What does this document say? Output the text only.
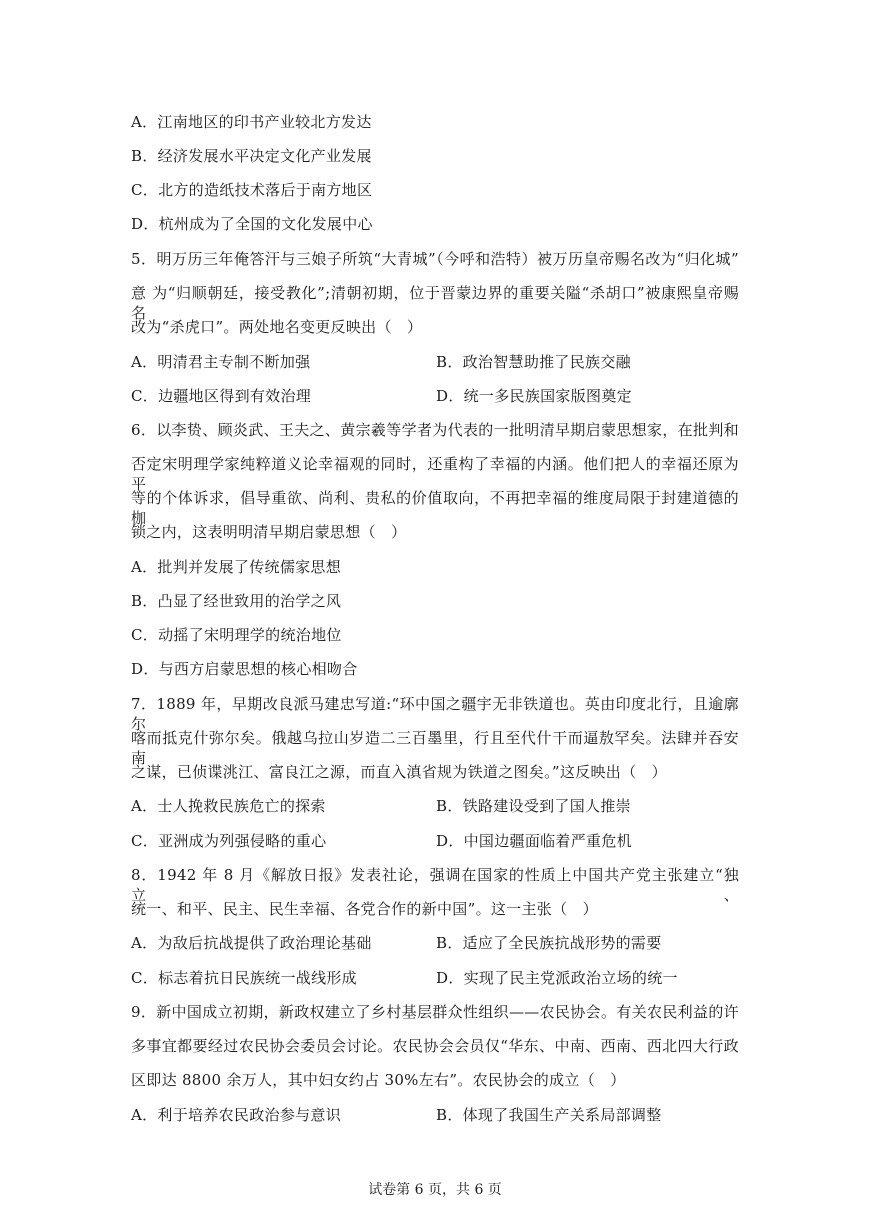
A．江南地区的印书产业较北方发达
B．经济发展水平决定文化产业发展
C．北方的造纸技术落后于南方地区
D．杭州成为了全国的文化发展中心
5．明万历三年俺答汗与三娘子所筑“大青城”（今呼和浩特）被万历皇帝赐名改为“归化城”
意 为“归顺朝廷，接受教化”;清朝初期，位于晋蒙边界的重要关隘“杀胡口”被康熙皇帝赐名
改为“杀虎口”。两处地名变更反映出（　）
A．明清君主专制不断加强	B．政治智慧助推了民族交融
C．边疆地区得到有效治理	D．统一多民族国家版图奠定
6．以李贽、顾炎武、王夫之、黄宗羲等学者为代表的一批明清早期启蒙思想家，在批判和
否定宋明理学家纯粹道义论幸福观的同时，还重构了幸福的内涵。他们把人的幸福还原为平
等的个体诉求，倡导重欲、尚利、贵私的价值取向，不再把幸福的维度局限于封建道德的枷
锁之内，这表明明清早期启蒙思想（　）
A．批判并发展了传统儒家思想
B．凸显了经世致用的治学之风
C．动摇了宋明理学的统治地位
D．与西方启蒙思想的核心相吻合
7．1889 年，早期改良派马建忠写道:“环中国之疆宇无非铁道也。英由印度北行，且逾廓尔
喀而抵克什弥尔矣。俄越乌拉山岁造二三百墨里，行且至代什干而逼敖罕矣。法肆并吞安南
之谋，已侦谍洮江、富良江之源，而直入滇省规为铁道之图矣。”这反映出（　）
A．士人挽救民族危亡的探索	B．铁路建设受到了国人推崇
C．亚洲成为列强侵略的重心	D．中国边疆面临着严重危机
8．1942 年 8 月《解放日报》发表社论，强调在国家的性质上中国共产党主张建立“独立、
统一、和平、民主、民生幸福、各党合作的新中国”。这一主张（　）
A．为敌后抗战提供了政治理论基础	B．适应了全民族抗战形势的需要
C．标志着抗日民族统一战线形成	D．实现了民主党派政治立场的统一
9．新中国成立初期，新政权建立了乡村基层群众性组织——农民协会。有关农民利益的许
多事宜都要经过农民协会委员会讨论。农民协会会员仅“华东、中南、西南、西北四大行政
区即达 8800 余万人，其中妇女约占 30%左右”。农民协会的成立（　）
A．利于培养农民政治参与意识	B．体现了我国生产关系局部调整
试卷第 6 页，共 6 页
